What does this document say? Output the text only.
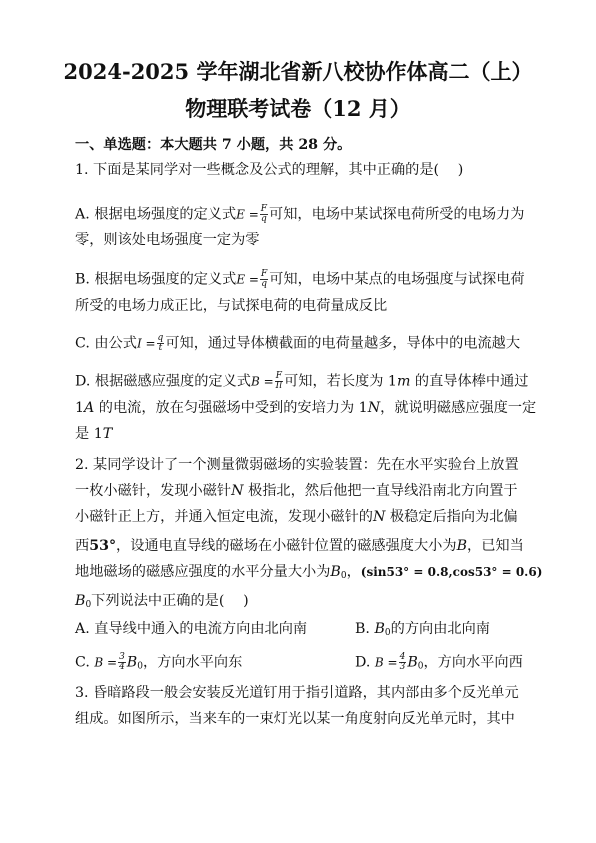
2024-2025 学年湖北省新八校协作体高二（上）
物理联考试卷（12 月）
一、单选题：本大题共 7 小题，共 28 分。
1. 下面是某同学对一些概念及公式的理解，其中正确的是(　 )
A. 根据电场强度的定义式$E = \frac{F}{q}$ 可知，电场中某试探电荷所受的电场力为
零，则该处电场强度一定为零
B. 根据电场强度的定义式$E = \frac{F}{q}$ 可知，电场中某点的电场强度与试探电荷
所受的电场力成正比，与试探电荷的电荷量成反比
C. 由公式$I = \frac{q}{t}$ 可知，通过导体横截面的电荷量越多，导体中的电流越大
D. 根据磁感应强度的定义式$B = \frac{F}{Il}$ 可知，若长度为 1m 的直导体棒中通过
1A 的电流，放在匀强磁场中受到的安培力为 1N，就说明磁感应强度一定
是 1T
2. 某同学设计了一个测量微弱磁场的实验装置：先在水平实验台上放置
一枚小磁针，发现小磁针N 极指北，然后他把一直导线沿南北方向置于
小磁针正上方，并通入恒定电流，发现小磁针的N 极稳定后指向为北偏
西53°，设通电直导线的磁场在小磁针位置的磁感强度大小为B，已知当
地地磁场的磁感应强度的水平分量大小为$B_0$，(sin53° = 0.8,cos53° = 0.6)
$B_0$下列说法中正确的是(　 )
A. 直导线中通入的电流方向由北向南	B. $B_0$的方向由北向南
C. $B = \frac{3}{4} B_0$，方向水平向东	D. $B = \frac{4}{3} B_0$，方向水平向西
3. 昏暗路段一般会安装反光道钉用于指引道路，其内部由多个反光单元
组成。如图所示，当来车的一束灯光以某一角度射向反光单元时，其中
